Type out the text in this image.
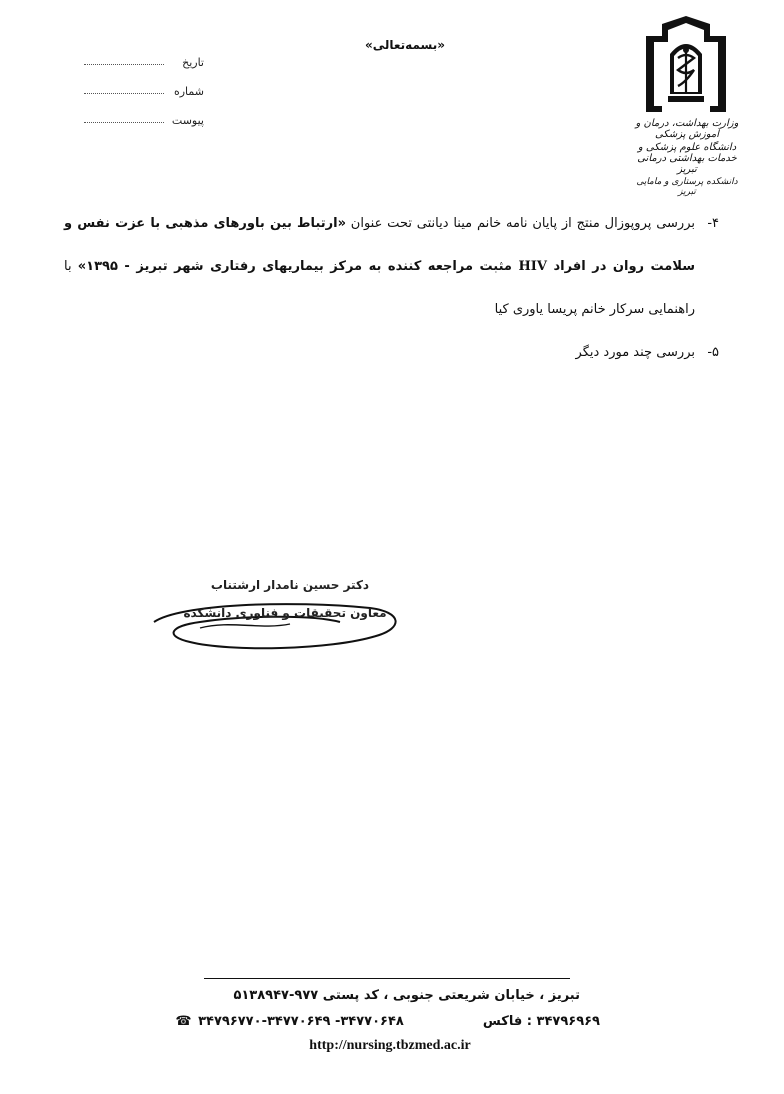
«بسمه‌تعالی»
تاریخ
شماره
پیوست	وزارت بهداشت، درمان و آموزش پزشکی
دانشگاه علوم پزشکی و خدمات بهداشتی درمانی تبریز
دانشکده پرستاری و مامایی تبریز
۴-
بررسی پروپوزال منتج از پایان نامه خانم مینا دیانتی تحت عنوان «ارتباط بین باورهای مذهبی با عزت نفس و سلامت روان در افراد HIV مثبت مراجعه کننده به مرکز بیماریهای رفتاری شهر تبریز - ۱۳۹۵» با راهنمایی سرکار خانم پریسا یاوری کیا
۵-
بررسی چند مورد دیگر
دکتر حسین نامدار ارشتناب
معاون تحقیقات و فناوری دانشکده
تبریز ، خیابان شریعتی جنوبی ، کد پستی ۹۷۷-۵۱۳۸۹۴۷
۳۴۷۹۶۹۶۹ : فاکس  ۳۴۷۷۰۶۴۸- ۳۴۷۷۰۶۴۹-۳۴۷۹۶۷۷۰ ☎
http://nursing.tbzmed.ac.ir
